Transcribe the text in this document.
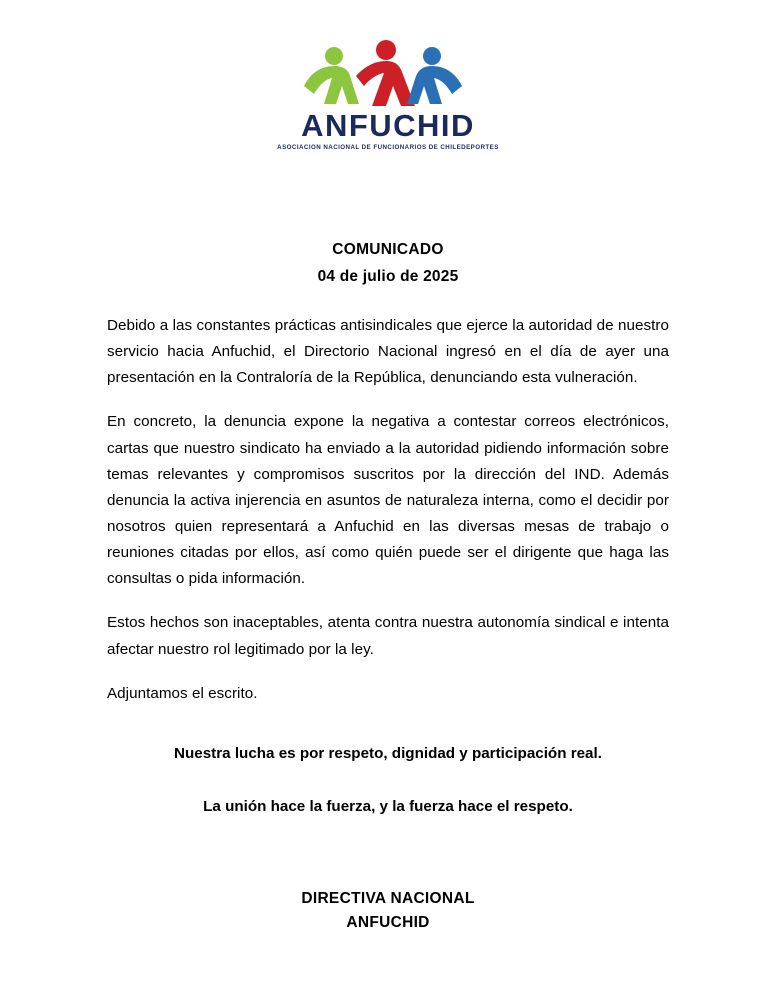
ANFUCHID
ASOCIACION NACIONAL DE FUNCIONARIOS DE CHILEDEPORTES
COMUNICADO
04 de julio de 2025

Debido a las constantes prácticas antisindicales que ejerce la autoridad de nuestro servicio hacia Anfuchid, el Directorio Nacional ingresó en el día de ayer una presentación en la Contraloría de la República, denunciando esta vulneración.

En concreto, la denuncia expone la negativa a contestar correos electrónicos, cartas que nuestro sindicato ha enviado a la autoridad pidiendo información sobre temas relevantes y compromisos suscritos por la dirección del IND. Además denuncia la activa injerencia en asuntos de naturaleza interna, como el decidir por nosotros quien representará a Anfuchid en las diversas mesas de trabajo o reuniones citadas por ellos, así como quién puede ser el dirigente que haga las consultas o pida información.

Estos hechos son inaceptables, atenta contra nuestra autonomía sindical e intenta afectar nuestro rol legitimado por la ley.

Adjuntamos el escrito.

Nuestra lucha es por respeto, dignidad y participación real.

La unión hace la fuerza, y la fuerza hace el respeto.

DIRECTIVA NACIONAL
ANFUCHID
